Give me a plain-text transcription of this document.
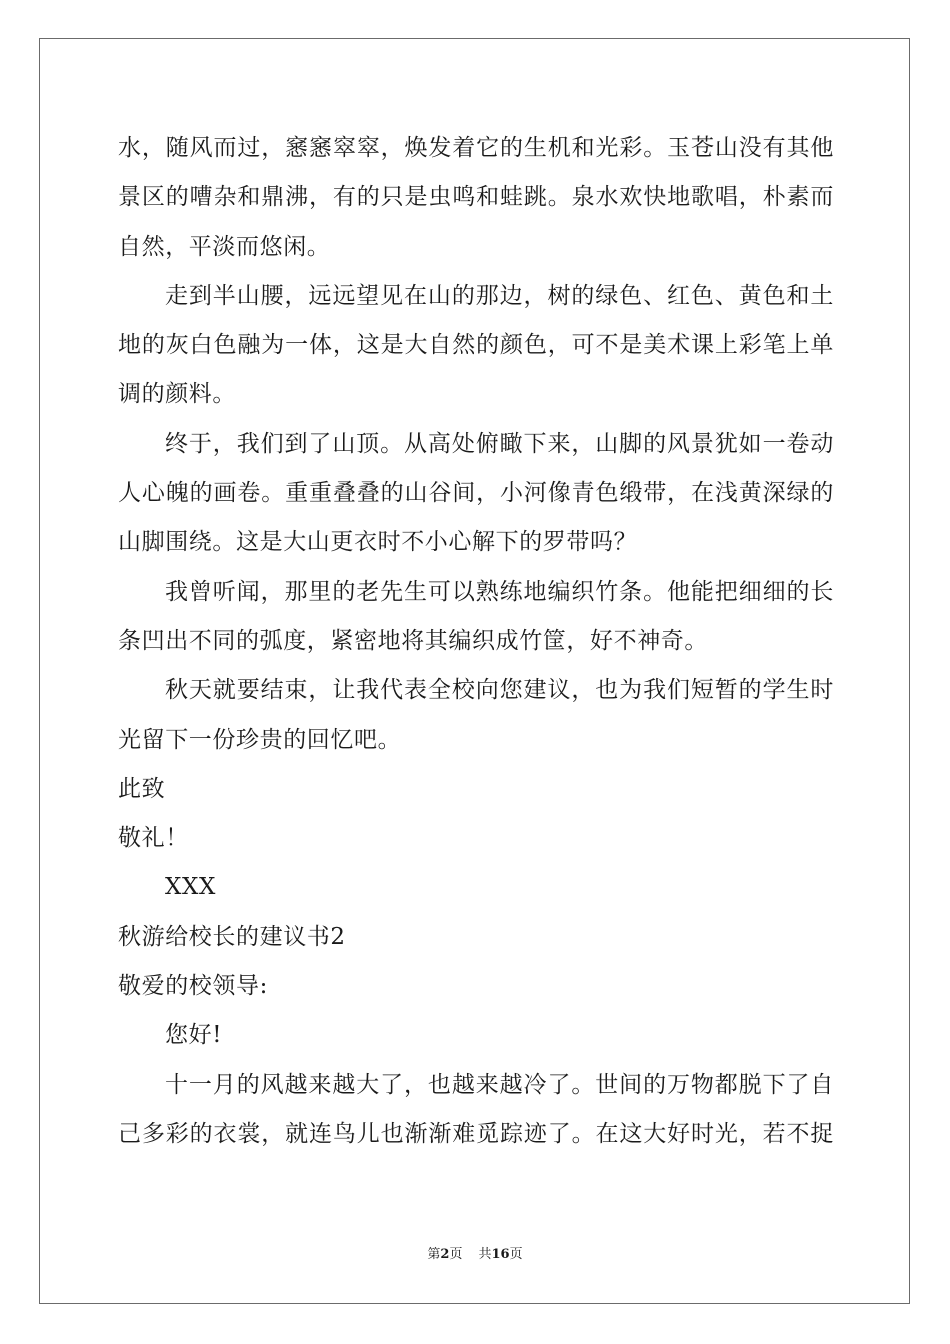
水，随风而过，窸窸窣窣，焕发着它的生机和光彩。玉苍山没有其他
景区的嘈杂和鼎沸，有的只是虫鸣和蛙跳。泉水欢快地歌唱，朴素而
自然，平淡而悠闲。
走到半山腰，远远望见在山的那边，树的绿色、红色、黄色和土
地的灰白色融为一体，这是大自然的颜色，可不是美术课上彩笔上单
调的颜料。
终于，我们到了山顶。从高处俯瞰下来，山脚的风景犹如一卷动
人心魄的画卷。重重叠叠的山谷间，小河像青色缎带，在浅黄深绿的
山脚围绕。这是大山更衣时不小心解下的罗带吗？
我曾听闻，那里的老先生可以熟练地编织竹条。他能把细细的长
条凹出不同的弧度，紧密地将其编织成竹筐，好不神奇。
秋天就要结束，让我代表全校向您建议，也为我们短暂的学生时
光留下一份珍贵的回忆吧。
此致
敬礼！
XXX
秋游给校长的建议书2
敬爱的校领导:
您好!
十一月的风越来越大了，也越来越冷了。世间的万物都脱下了自
己多彩的衣裳，就连鸟儿也渐渐难觅踪迹了。在这大好时光，若不捉
第2页 共16页
